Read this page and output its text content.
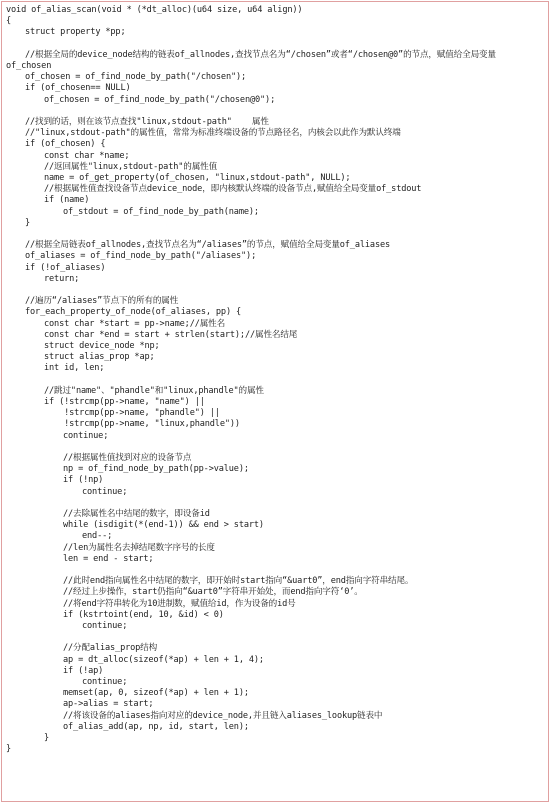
void of_alias_scan(void * (*dt_alloc)(u64 size, u64 align))
{
struct property *pp;
//根据全局的device_node结构的链表of_allnodes,查找节点名为“/chosen”或者“/chosen@0”的节点，赋值给全局变量
of_chosen
of_chosen = of_find_node_by_path("/chosen");
if (of_chosen== NULL)
of_chosen = of_find_node_by_path("/chosen@0");
//找到的话，则在该节点查找"linux,stdout-path"    属性
//"linux,stdout-path"的属性值，常常为标准终端设备的节点路径名，内核会以此作为默认终端
if (of_chosen) {
const char *name;
//返回属性"linux,stdout-path"的属性值
name = of_get_property(of_chosen, "linux,stdout-path", NULL);
//根据属性值查找设备节点device_node，即内核默认终端的设备节点,赋值给全局变量of_stdout
if (name)
of_stdout = of_find_node_by_path(name);
}
//根据全局链表of_allnodes,查找节点名为“/aliases”的节点，赋值给全局变量of_aliases
of_aliases = of_find_node_by_path("/aliases");
if (!of_aliases)
return;
//遍历“/aliases”节点下的所有的属性
for_each_property_of_node(of_aliases, pp) {
const char *start = pp->name;//属性名
const char *end = start + strlen(start);//属性名结尾
struct device_node *np;
struct alias_prop *ap;
int id, len;
//跳过"name"、"phandle"和"linux,phandle"的属性
if (!strcmp(pp->name, "name") ||
!strcmp(pp->name, "phandle") ||
!strcmp(pp->name, "linux,phandle"))
continue;
//根据属性值找到对应的设备节点
np = of_find_node_by_path(pp->value);
if (!np)
continue;
//去除属性名中结尾的数字，即设备id
while (isdigit(*(end-1)) && end > start)
end--;
//len为属性名去掉结尾数字序号的长度
len = end - start;
//此时end指向属性名中结尾的数字，即开始时start指向“&uart0”，end指向字符串结尾。
//经过上步操作，start仍指向“&uart0”字符串开始处，而end指向字符‘0’。
//将end字符串转化为10进制数，赋值给id，作为设备的id号
if (kstrtoint(end, 10, &id) < 0)
continue;
//分配alias_prop结构
ap = dt_alloc(sizeof(*ap) + len + 1, 4);
if (!ap)
continue;
memset(ap, 0, sizeof(*ap) + len + 1);
ap->alias = start;
//将该设备的aliases指向对应的device_node,并且链入aliases_lookup链表中
of_alias_add(ap, np, id, start, len);
}
}
